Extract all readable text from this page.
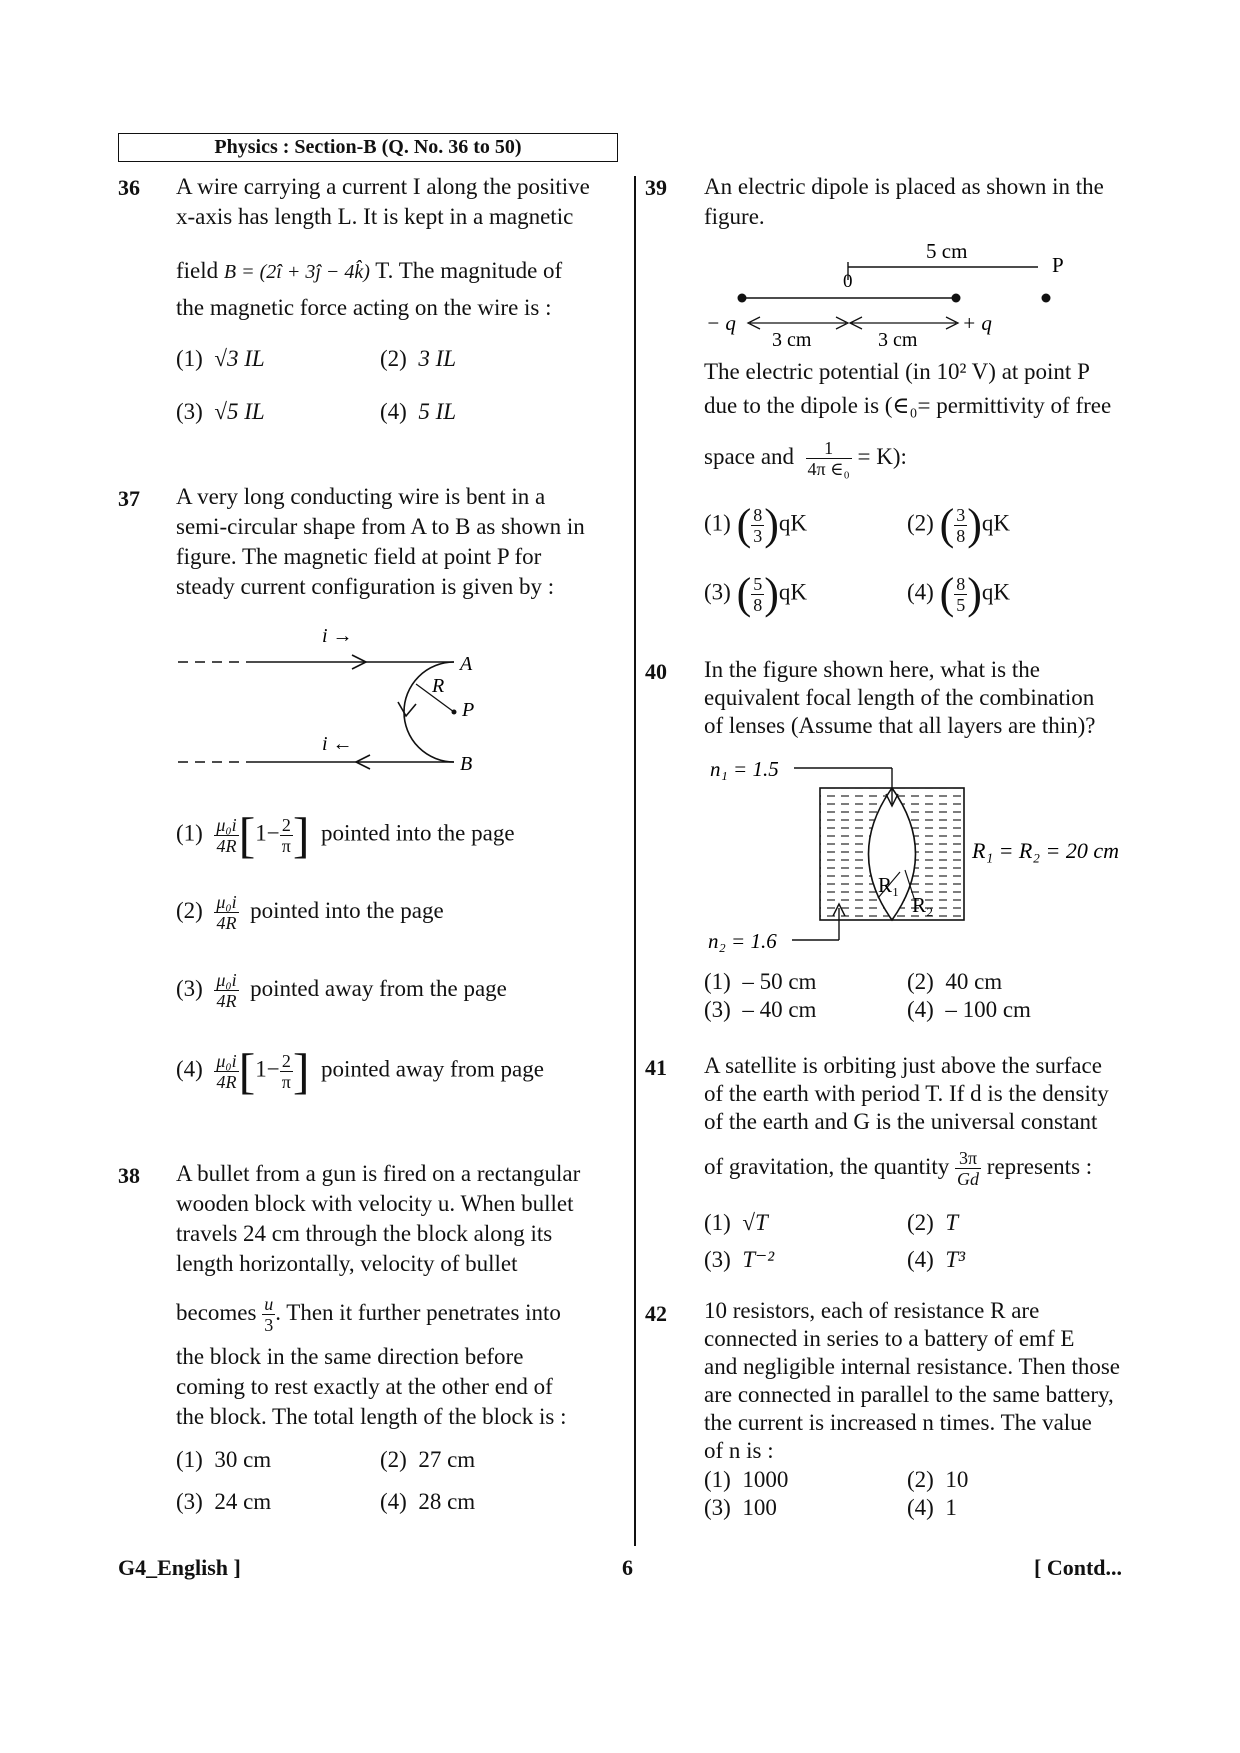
Physics : Section-B (Q. No. 36 to 50)
36 A wire carrying a current I along the positive
x-axis has length L. It is kept in a magnetic
field B = (2î + 3ĵ − 4k̂) T. The magnitude of
the magnetic force acting on the wire is :
(1) √3 IL	(2) 3 IL
(3) √5 IL	(4) 5 IL
37 A very long conducting wire is bent in a
semi-circular shape from A to B as shown in
figure. The magnetic field at point P for
steady current configuration is given by :
i →
i ←
A
B
R
P
$(1) \frac{\text{μ₀i}}{4R} [1- \frac{2}{\pi}$ ] pointed into the page
$(2) \frac{\text{μ₀i}}{4R}$ pointed into the page
$(3) \frac{\text{μ₀i}}{4R}$ pointed away from the page
$(4) \frac{\text{μ₀i}}{4R} [1- \frac{2}{\pi}$ ] pointed away from page
38 A bullet from a gun is fired on a rectangular
wooden block with velocity u. When bullet
travels 24 cm through the block along its
length horizontally, velocity of bullet
becomes $\frac{u}{3}$ . Then it further penetrates into
the block in the same direction before
coming to rest exactly at the other end of
the block. The total length of the block is :
(1) 30 cm	(2) 27 cm
(3) 24 cm	(4) 28 cm
39 An electric dipole is placed as shown in the
figure.
5 cm
P
0
− q	+ q
3 cm	3 cm
The electric potential (in 10² V) at point P
due to the dipole is (∈₀= permittivity of free
space and $\frac{1}{\text{4π ∈₀}} = K$):
(1) ( $\frac{8}{3} )qK$	(2) ( $\frac{3}{8} )qK$
(3) ( $\frac{5}{8} )qK$	(4) ( $\frac{8}{5} )qK$
40 In the figure shown here, what is the
equivalent focal length of the combination
of lenses (Assume that all layers are thin)?
n₁ = 1.5
n₂ = 1.6
R₁
R₂
R₁ = R₂ = 20 cm
(1) – 50 cm	(2) 40 cm
(3) – 40 cm	(4) – 100 cm
41 A satellite is orbiting just above the surface
of the earth with period T. If d is the density
of the earth and G is the universal constant
of gravitation, the quantity $\frac{3\pi}{Gd}$ represents :
(1) √T	(2) T
(3) T⁻²	(4) T³
42 10 resistors, each of resistance R are
connected in series to a battery of emf E
and negligible internal resistance. Then those
are connected in parallel to the same battery,
the current is increased n times. The value
of n is :
(1) 1000	(2) 10
(3) 100	(4) 1
G4_English ]	6	[ Contd...
